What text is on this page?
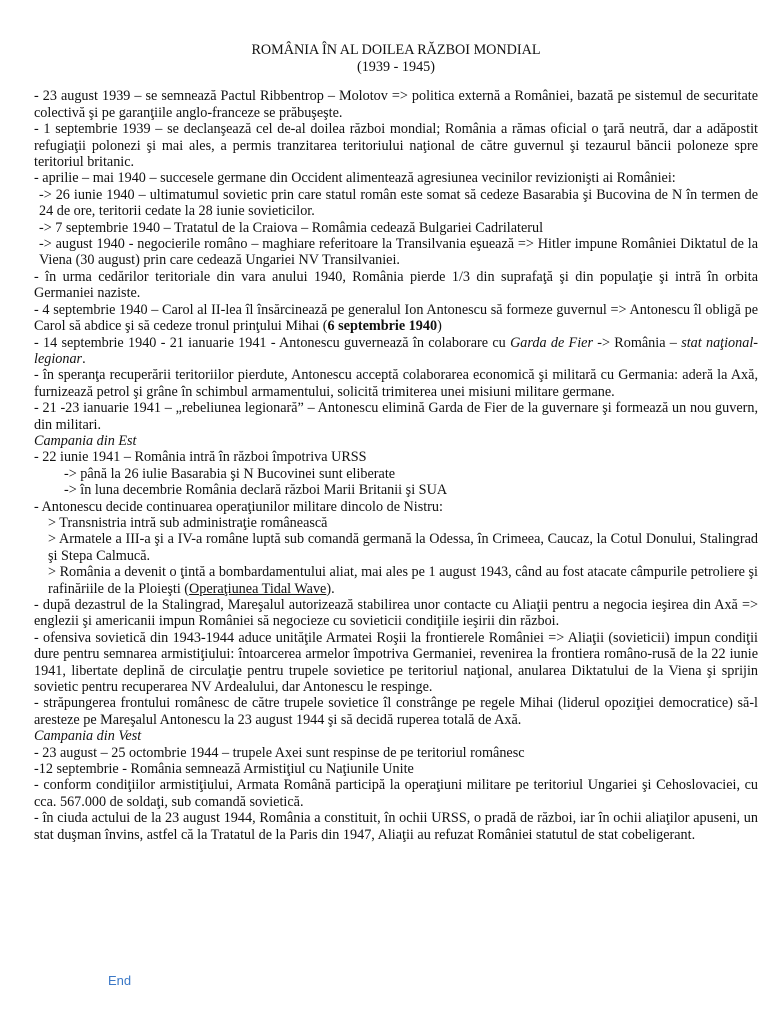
ROMÂNIA ÎN AL DOILEA RĂZBOI MONDIAL
(1939 - 1945)

- 23 august 1939 – se semnează Pactul Ribbentrop – Molotov => politica externă a României, bazată pe sistemul de securitate colectivă şi pe garanţiile anglo-franceze se prăbuşeşte.

- 1 septembrie 1939 – se declanşează cel de-al doilea război mondial; România a rămas oficial o ţară neutră, dar a adăpostit refugiaţii polonezi şi mai ales, a permis tranzitarea teritoriului naţional de către guvernul şi tezaurul băncii poloneze spre teritoriul britanic.

- aprilie – mai 1940 – succesele germane din Occident alimentează agresiunea vecinilor revizionişti ai României:

-> 26 iunie 1940 – ultimatumul sovietic prin care statul român este somat să cedeze Basarabia şi Bucovina de N în termen de 24 de ore, teritorii cedate la 28 iunie sovieticilor.

-> 7 septembrie 1940 – Tratatul de la Craiova – Româmia cedează Bulgariei Cadrilaterul

-> august 1940 - negocierile româno – maghiare referitoare la Transilvania eşuează => Hitler impune României Diktatul de la Viena (30 august) prin care cedează Ungariei NV Transilvaniei.

- în urma cedărilor teritoriale din vara anului 1940, România pierde 1/3 din suprafaţă şi din populaţie şi intră în orbita Germaniei naziste.

- 4 septembrie 1940 – Carol al II-lea îl însărcinează pe generalul Ion Antonescu să formeze guvernul => Antonescu îl obligă pe Carol să abdice şi să cedeze tronul prinţului Mihai (6 septembrie 1940)

- 14 septembrie 1940 - 21 ianuarie 1941 - Antonescu guvernează în colaborare cu Garda de Fier -> România – stat naţional-legionar.

- în speranţa recuperării teritoriilor pierdute, Antonescu acceptă colaborarea economică şi militară cu Germania: aderă la Axă, furnizează petrol şi grâne în schimbul armamentului, solicită trimiterea unei misiuni militare germane.

- 21 -23 ianuarie 1941 – „rebeliunea legionară” – Antonescu elimină Garda de Fier de la guvernare şi formează un nou guvern, din militari.

Campania din Est

- 22 iunie 1941 – România intră în război împotriva URSS

-> până la 26 iulie Basarabia şi N Bucovinei sunt eliberate

-> în luna decembrie România declară război Marii Britanii şi SUA

- Antonescu decide continuarea operaţiunilor militare dincolo de Nistru:

> Transnistria intră sub administraţie românească

> Armatele a III-a şi a IV-a române luptă sub comandă germană la Odessa, în Crimeea, Caucaz, la Cotul Donului, Stalingrad şi Stepa Calmucă.

> România a devenit o ţintă a bombardamentului aliat, mai ales pe 1 august 1943, când au fost atacate câmpurile petroliere şi rafinăriile de la Ploieşti (Operaţiunea Tidal Wave).

- după dezastrul de la Stalingrad, Mareşalul autorizează stabilirea unor contacte cu Aliaţii pentru a negocia ieşirea din Axă => englezii şi americanii impun României să negocieze cu sovieticii condiţiile ieşirii din război.

- ofensiva sovietică din 1943-1944 aduce unităţile Armatei Roşii la frontierele României => Aliaţii (sovieticii) impun condiţii dure pentru semnarea armistiţiului: întoarcerea armelor împotriva Germaniei, revenirea la frontiera româno-rusă de la 22 iunie 1941, libertate deplină de circulaţie pentru trupele sovietice pe teritoriul naţional, anularea Diktatului de la Viena şi sprijin sovietic pentru recuperarea NV Ardealului, dar Antonescu le respinge.

- străpungerea frontului românesc de către trupele sovietice îl constrânge pe regele Mihai (liderul opoziţiei democratice) să-l aresteze pe Mareşalul Antonescu la 23 august 1944 şi să decidă ruperea totală de Axă.

Campania din Vest

- 23 august – 25 octombrie 1944 – trupele Axei sunt respinse de pe teritoriul românesc

-12 septembrie - România semnează Armistiţiul cu Naţiunile Unite

- conform condiţiilor armistiţiului, Armata Română participă la operaţiuni militare pe teritoriul Ungariei şi Cehoslovaciei, cu cca. 567.000 de soldaţi, sub comandă sovietică.

- în ciuda actului de la 23 august 1944, România a constituit, în ochii URSS, o pradă de război, iar în ochii aliaţilor apuseni, un stat duşman învins, astfel că la Tratatul de la Paris din 1947, Aliaţii au refuzat României statutul de stat cobeligerant.

End
